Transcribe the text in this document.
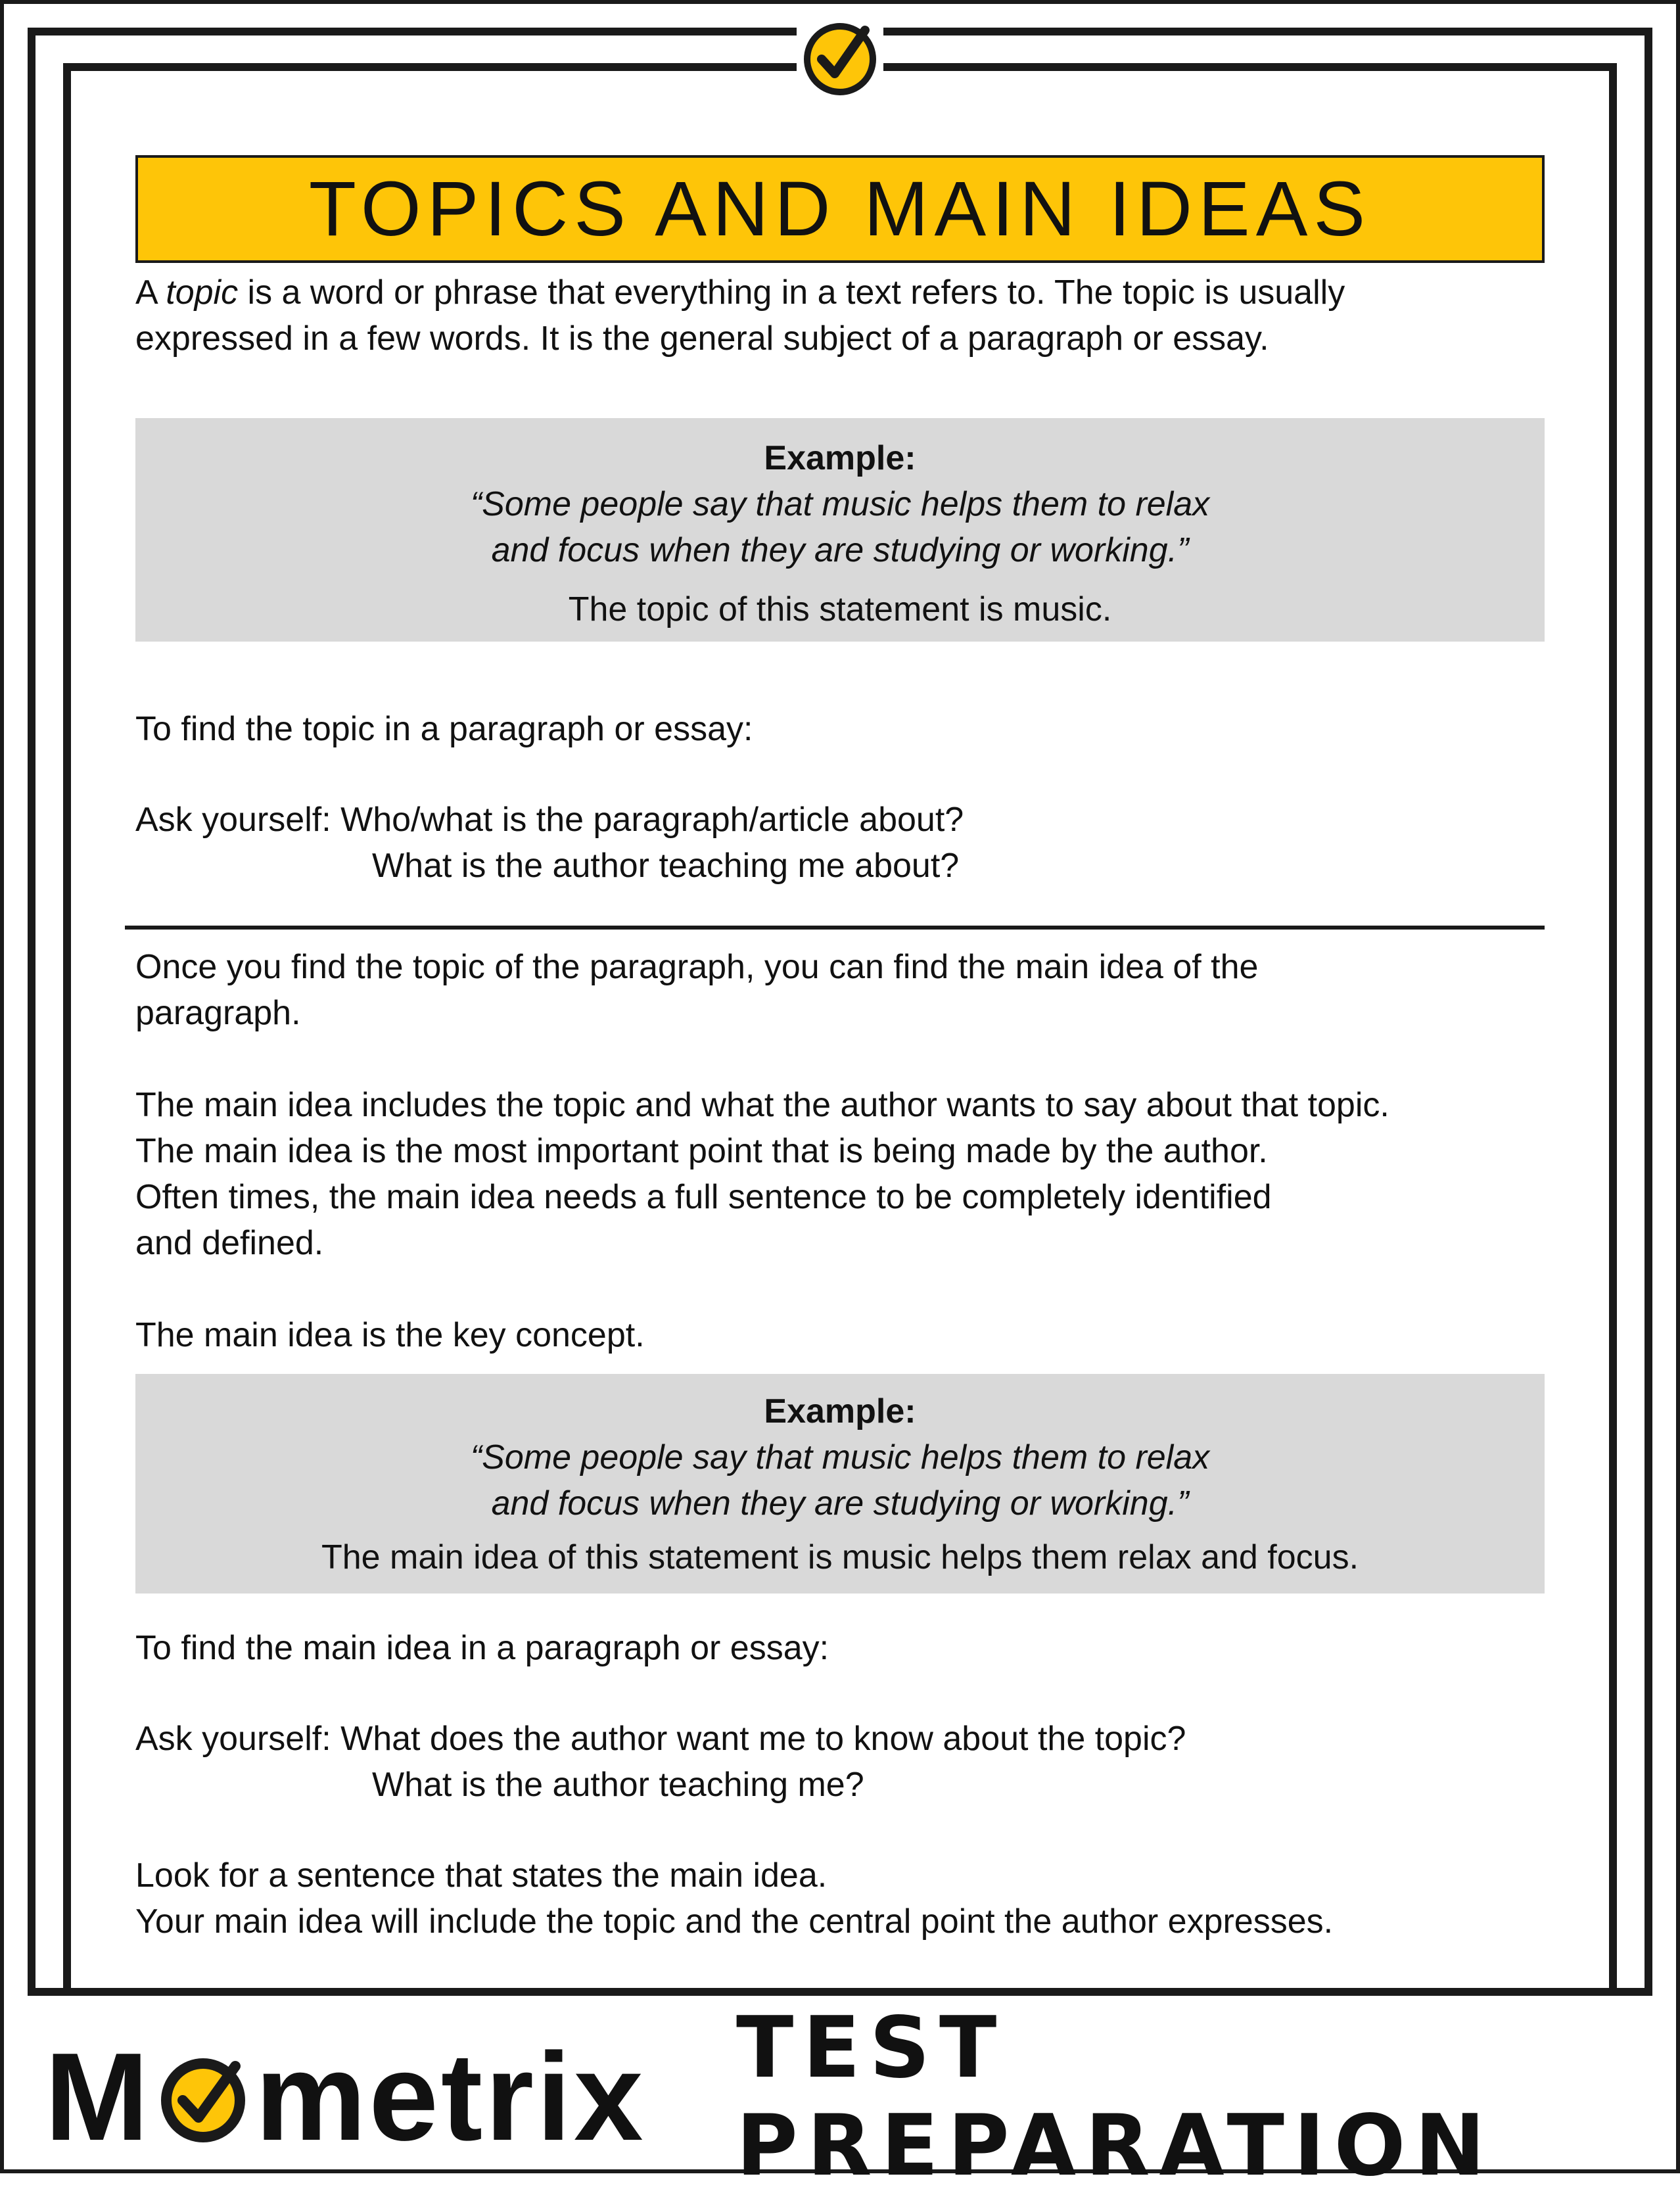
TOPICS AND MAIN IDEAS
A topic is a word or phrase that everything in a text refers to. The topic is usually
expressed in a few words. It is the general subject of a paragraph or essay.
Example:
“Some people say that music helps them to relax
and focus when they are studying or working.”
The topic of this statement is music.
To find the topic in a paragraph or essay:
Ask yourself: Who/what is the paragraph/article about?
What is the author teaching me about?
Once you find the topic of the paragraph, you can find the main idea of the
paragraph.
The main idea includes the topic and what the author wants to say about that topic.
The main idea is the most important point that is being made by the author.
Often times, the main idea needs a full sentence to be completely identified
and defined.
The main idea is the key concept.
Example:
“Some people say that music helps them to relax
and focus when they are studying or working.”
The main idea of this statement is music helps them relax and focus.
To find the main idea in a paragraph or essay:
Ask yourself: What does the author want me to know about the topic?
What is the author teaching me?
Look for a sentence that states the main idea.
Your main idea will include the topic and the central point the author expresses.
M metrix TEST PREPARATION
